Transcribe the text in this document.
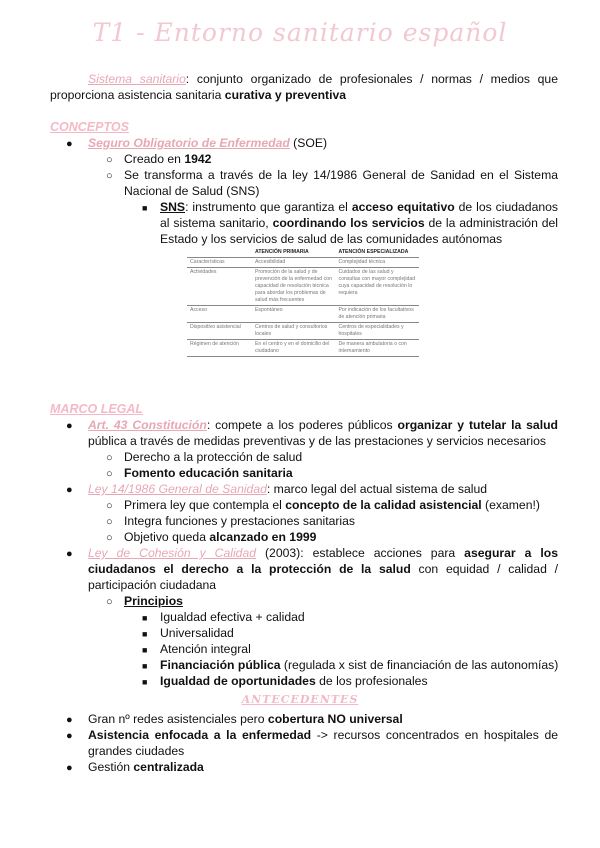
T1 - Entorno sanitario español
Sistema sanitario: conjunto organizado de profesionales / normas / medios que
proporciona asistencia sanitaria curativa y preventiva
CONCEPTOS
● Seguro Obligatorio de Enfermedad (SOE)
○ Creado en 1942
○ Se transforma a través de la ley 14/1986 General de Sanidad en el Sistema
Nacional de Salud (SNS)
■ SNS: instrumento que garantiza el acceso equitativo de los ciudadanos
al sistema sanitario, coordinando los servicios de la administración del
Estado y los servicios de salud de las comunidades autónomas
	ATENCIÓN PRIMARIA	ATENCIÓN ESPECIALIZADA
Características	Accesibilidad	Complejidad técnica
Actividades	Promoción de la salud y de prevención de la enfermedad con capacidad de resolución técnica para abordar los problemas de salud más frecuentes	Cuidados de las salud y consultas con mayor complejidad cuya capacidad de resolución lo requiera
Acceso	Espontáneo	Por indicación de los facultativos de atención primaria
Dispositivo asistencial	Centros de salud y consultorios locales	Centros de especialidades y hospitales
Régimen de atención	En el centro y en el domicilio del ciudadano	De manera ambulatoria o con internamiento
MARCO LEGAL
● Art. 43 Constitución: compete a los poderes públicos organizar y tutelar la salud
pública a través de medidas preventivas y de las prestaciones y servicios necesarios
○ Derecho a la protección de salud
○ Fomento educación sanitaria
● Ley 14/1986 General de Sanidad: marco legal del actual sistema de salud
○ Primera ley que contempla el concepto de la calidad asistencial (examen!)
○ Integra funciones y prestaciones sanitarias
○ Objetivo queda alcanzado en 1999
● Ley de Cohesión y Calidad (2003): establece acciones para asegurar a los
ciudadanos el derecho a la protección de la salud con equidad / calidad /
participación ciudadana
○ Principios
■ Igualdad efectiva + calidad
■ Universalidad
■ Atención integral
■ Financiación pública (regulada x sist de financiación de las autonomías)
■ Igualdad de oportunidades de los profesionales
ANTECEDENTES
● Gran nº redes asistenciales pero cobertura NO universal
● Asistencia enfocada a la enfermedad -> recursos concentrados en hospitales de
grandes ciudades
● Gestión centralizada
